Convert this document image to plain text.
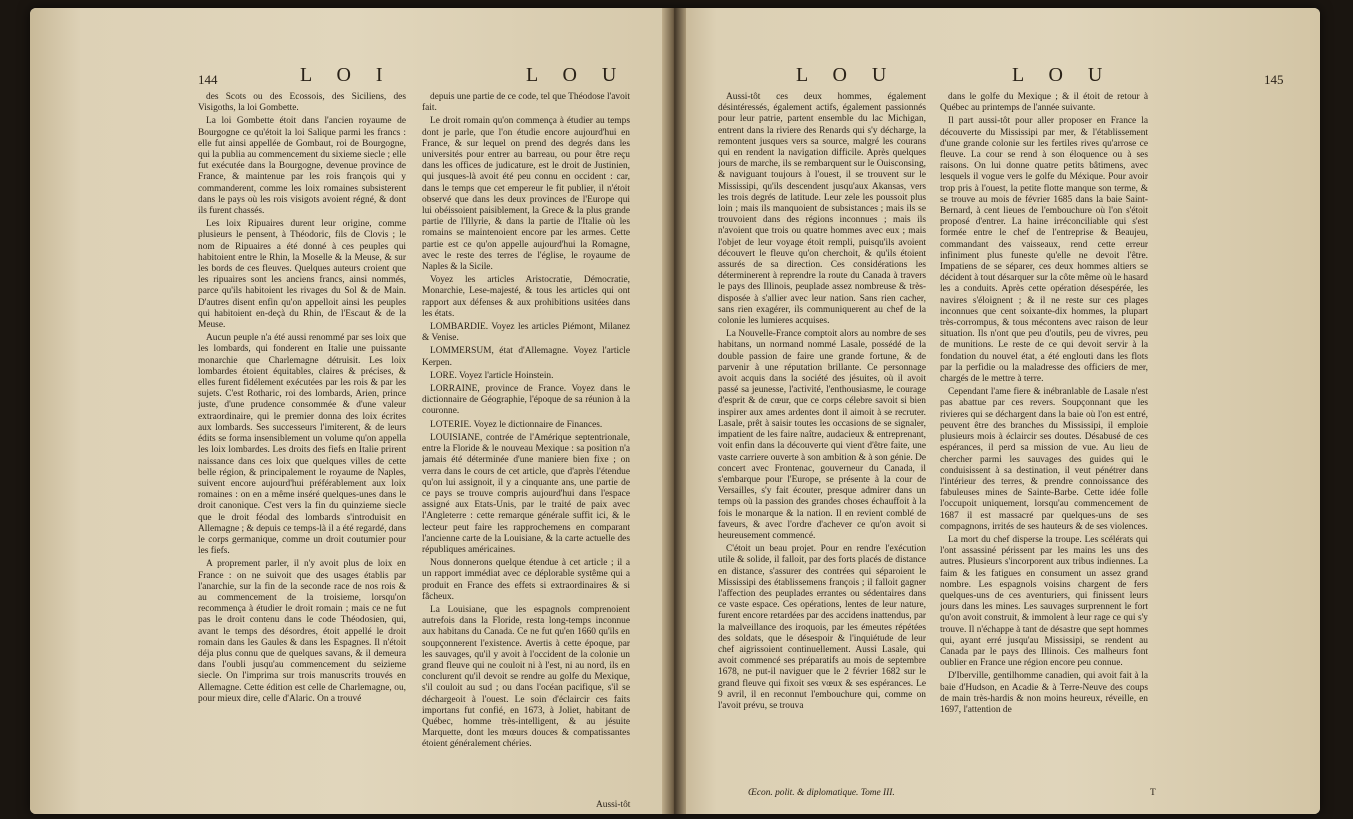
144	L O I	L O U

des Scots ou des Ecossois, des Siciliens, des Visigoths, la loi Gombette.

La loi Gombette étoit dans l'ancien royaume de Bourgogne ce qu'étoit la loi Salique parmi les francs : elle fut ainsi appellée de Gombaut, roi de Bourgogne, qui la publia au commencement du sixieme siecle ; elle fut exécutée dans la Bourgogne, devenue province de France, & maintenue par les rois françois qui y commanderent, comme les loix romaines subsisterent dans le pays où les rois visigots avoient régné, & dont ils furent chassés.

Les loix Ripuaires durent leur origine, comme plusieurs le pensent, à Théodoric, fils de Clovis ; le nom de Ripuaires a été donné à ces peuples qui habitoient entre le Rhin, la Moselle & la Meuse, & sur les bords de ces fleuves. Quelques auteurs croient que les ripuaires sont les anciens francs, ainsi nommés, parce qu'ils habitoient les rivages du Sol & de Main. D'autres disent enfin qu'on appelloit ainsi les peuples qui habitoient en-deçà du Rhin, de l'Escaut & de la Meuse.

Aucun peuple n'a été aussi renommé par ses loix que les lombards, qui fonderent en Italie une puissante monarchie que Charlemagne détruisit. Les loix lombardes étoient équitables, claires & précises, & elles furent fidélement exécutées par les rois & par les sujets. C'est Rotharic, roi des lombards, Arien, prince juste, d'une prudence consommée & d'une valeur extraordinaire, qui le premier donna des loix écrites aux lombards. Ses successeurs l'imiterent, & de leurs édits se forma insensiblement un volume qu'on appella les loix lombardes. Les droits des fiefs en Italie prirent naissance dans ces loix que quelques villes de cette belle région, & principalement le royaume de Naples, suivent encore aujourd'hui préférablement aux loix romaines : on en a même inséré quelques-unes dans le droit canonique. C'est vers la fin du quinzieme siecle que le droit féodal des lombards s'introduisit en Allemagne ; & depuis ce temps-là il a été regardé, dans le corps germanique, comme un droit coutumier pour les fiefs.

A proprement parler, il n'y avoit plus de loix en France : on ne suivoit que des usages établis par l'anarchie, sur la fin de la seconde race de nos rois & au commencement de la troisieme, lorsqu'on recommença à étudier le droit romain ; mais ce ne fut pas le droit contenu dans le code Théodosien, qui, avant le temps des désordres, étoit appellé le droit romain dans les Gaules & dans les Espagnes. Il n'étoit déja plus connu que de quelques savans, & il demeura dans l'oubli jusqu'au commencement du seizieme siecle. On l'imprima sur trois manuscrits trouvés en Allemagne. Cette édition est celle de Charlemagne, ou, pour mieux dire, celle d'Alaric. On a trouvé

depuis une partie de ce code, tel que Théodose l'avoit fait.

Le droit romain qu'on commença à étudier au temps dont je parle, que l'on étudie encore aujourd'hui en France, & sur lequel on prend des degrés dans les universités pour entrer au barreau, ou pour être reçu dans les offices de judicature, est le droit de Justinien, qui jusques-là avoit été peu connu en occident : car, dans le temps que cet empereur le fit publier, il n'étoit observé que dans les deux provinces de l'Europe qui lui obéissoient paisiblement, la Grece & la plus grande partie de l'Illyrie, & dans la partie de l'Italie où les romains se maintenoient encore par les armes. Cette partie est ce qu'on appelle aujourd'hui la Romagne, avec le reste des terres de l'église, le royaume de Naples & la Sicile.

Voyez les articles Aristocratie, Démocratie, Monarchie, Lese-majesté, & tous les articles qui ont rapport aux défenses & aux prohibitions usitées dans les états.

LOMBARDIE. Voyez les articles Piémont, Milanez & Venise.

LOMMERSUM, état d'Allemagne. Voyez l'article Kerpen.

LORE. Voyez l'article Hoinstein.

LORRAINE, province de France. Voyez dans le dictionnaire de Géographie, l'époque de sa réunion à la couronne.

LOTERIE. Voyez le dictionnaire de Finances.

LOUISIANE, contrée de l'Amérique septentrionale, entre la Floride & le nouveau Mexique : sa position n'a jamais été déterminée d'une maniere bien fixe ; on verra dans le cours de cet article, que d'après l'étendue qu'on lui assignoit, il y a cinquante ans, une partie de ce pays se trouve compris aujourd'hui dans l'espace assigné aux Etats-Unis, par le traité de paix avec l'Angleterre : cette remarque générale suffit ici, & le lecteur peut faire les rapprochemens en comparant l'ancienne carte de la Louisiane, & la carte actuelle des républiques américaines.

Nous donnerons quelque étendue à cet article ; il a un rapport immédiat avec ce déplorable systême qui a produit en France des effets si extraordinaires & si fâcheux.

La Louisiane, que les espagnols comprenoient autrefois dans la Floride, resta long-temps inconnue aux habitans du Canada. Ce ne fut qu'en 1660 qu'ils en soupçonnerent l'existence. Avertis à cette époque, par les sauvages, qu'il y avoit à l'occident de la colonie un grand fleuve qui ne couloit ni à l'est, ni au nord, ils en conclurent qu'il devoit se rendre au golfe du Mexique, s'il couloit au sud ; ou dans l'océan pacifique, s'il se déchargeoit à l'ouest. Le soin d'éclaircir ces faits importans fut confié, en 1673, à Joliet, habitant de Québec, homme très-intelligent, & au jésuite Marquette, dont les mœurs douces & compatissantes étoient généralement chéries.

Aussi-tôt
L O U	L O U	145

Aussi-tôt ces deux hommes, également désintéressés, également actifs, également passionnés pour leur patrie, partent ensemble du lac Michigan, entrent dans la riviere des Renards qui s'y décharge, la remontent jusques vers sa source, malgré les courans qui en rendent la navigation difficile. Après quelques jours de marche, ils se rembarquent sur le Ouisconsing, & naviguant toujours à l'ouest, il se trouvent sur le Mississipi, qu'ils descendent jusqu'aux Akansas, vers les trois degrés de latitude. Leur zele les poussoit plus loin ; mais ils manquoient de subsistances ; mais ils se trouvoient dans des régions inconnues ; mais ils n'avoient que trois ou quatre hommes avec eux ; mais l'objet de leur voyage étoit rempli, puisqu'ils avoient découvert le fleuve qu'on cherchoit, & qu'ils étoient assurés de sa direction. Ces considérations les déterminerent à reprendre la route du Canada à travers le pays des Illinois, peuplade assez nombreuse & très-disposée à s'allier avec leur nation. Sans rien cacher, sans rien exagérer, ils communiquerent au chef de la colonie les lumieres acquises.

La Nouvelle-France comptoit alors au nombre de ses habitans, un normand nommé Lasale, possédé de la double passion de faire une grande fortune, & de parvenir à une réputation brillante. Ce personnage avoit acquis dans la société des jésuites, où il avoit passé sa jeunesse, l'activité, l'enthousiasme, le courage d'esprit & de cœur, que ce corps célebre savoit si bien inspirer aux ames ardentes dont il aimoit à se recruter. Lasale, prêt à saisir toutes les occasions de se signaler, impatient de les faire naître, audacieux & entreprenant, voit enfin dans la découverte qui vient d'être faite, une vaste carriere ouverte à son ambition & à son génie. De concert avec Frontenac, gouverneur du Canada, il s'embarque pour l'Europe, se présente à la cour de Versailles, s'y fait écouter, presque admirer dans un temps où la passion des grandes choses échauffoit à la fois le monarque & la nation. Il en revient comblé de faveurs, & avec l'ordre d'achever ce qu'on avoit si heureusement commencé.

C'étoit un beau projet. Pour en rendre l'exécution utile & solide, il falloit, par des forts placés de distance en distance, s'assurer des contrées qui séparoient le Mississipi des établissemens françois ; il falloit gagner l'affection des peuplades errantes ou sédentaires dans ce vaste espace. Ces opérations, lentes de leur nature, furent encore retardées par des accidens inattendus, par la malveillance des iroquois, par les émeutes répétées des soldats, que le désespoir & l'inquiétude de leur chef aigrissoient continuellement. Aussi Lasale, qui avoit commencé ses préparatifs au mois de septembre 1678, ne put-il naviguer que le 2 février 1682 sur le grand fleuve qui fixoit ses vœux & ses espérances. Le 9 avril, il en reconnut l'embouchure qui, comme on l'avoit prévu, se trouva

dans le golfe du Mexique ; & il étoit de retour à Québec au printemps de l'année suivante.

Il part aussi-tôt pour aller proposer en France la découverte du Mississipi par mer, & l'établissement d'une grande colonie sur les fertiles rives qu'arrose ce fleuve. La cour se rend à son éloquence ou à ses raisons. On lui donne quatre petits bâtimens, avec lesquels il vogue vers le golfe du Méxique. Pour avoir trop pris à l'ouest, la petite flotte manque son terme, & se trouve au mois de février 1685 dans la baie Saint-Bernard, à cent lieues de l'embouchure où l'on s'étoit proposé d'entrer. La haine irréconciliable qui s'est formée entre le chef de l'entreprise & Beaujeu, commandant des vaisseaux, rend cette erreur infiniment plus funeste qu'elle ne devoit l'être. Impatiens de se séparer, ces deux hommes altiers se décident à tout désarquer sur la côte même où le hasard les a conduits. Après cette opération désespérée, les navires s'éloignent ; & il ne reste sur ces plages inconnues que cent soixante-dix hommes, la plupart très-corrompus, & tous mécontens avec raison de leur situation. Ils n'ont que peu d'outils, peu de vivres, peu de munitions. Le reste de ce qui devoit servir à la fondation du nouvel état, a été englouti dans les flots par la perfidie ou la maladresse des officiers de mer, chargés de le mettre à terre.

Cependant l'ame fiere & inébranlable de Lasale n'est pas abattue par ces revers. Soupçonnant que les rivieres qui se déchargent dans la baie où l'on est entré, peuvent être des branches du Mississipi, il emploie plusieurs mois à éclaircir ses doutes. Désabusé de ces espérances, il perd sa mission de vue. Au lieu de chercher parmi les sauvages des guides qui le conduisissent à sa destination, il veut pénétrer dans l'intérieur des terres, & prendre connoissance des fabuleuses mines de Sainte-Barbe. Cette idée folle l'occupoit uniquement, lorsqu'au commencement de 1687 il est massacré par quelques-uns de ses compagnons, irrités de ses hauteurs & de ses violences.

La mort du chef disperse la troupe. Les scélérats qui l'ont assassiné périssent par les mains les uns des autres. Plusieurs s'incorporent aux tribus indiennes. La faim & les fatigues en consument un assez grand nombre. Les espagnols voisins chargent de fers quelques-uns de ces aventuriers, qui finissent leurs jours dans les mines. Les sauvages surprennent le fort qu'on avoit construit, & immolent à leur rage ce qui s'y trouve. Il n'échappe à tant de désastre que sept hommes qui, ayant erré jusqu'au Mississipi, se rendent au Canada par le pays des Illinois. Ces malheurs font oublier en France une région encore peu connue.

D'Iberville, gentilhomme canadien, qui avoit fait à la baie d'Hudson, en Acadie & à Terre-Neuve des coups de main très-hardis & non moins heureux, réveille, en 1697, l'attention de

Œcon. polit. & diplomatique. Tome III.	T
